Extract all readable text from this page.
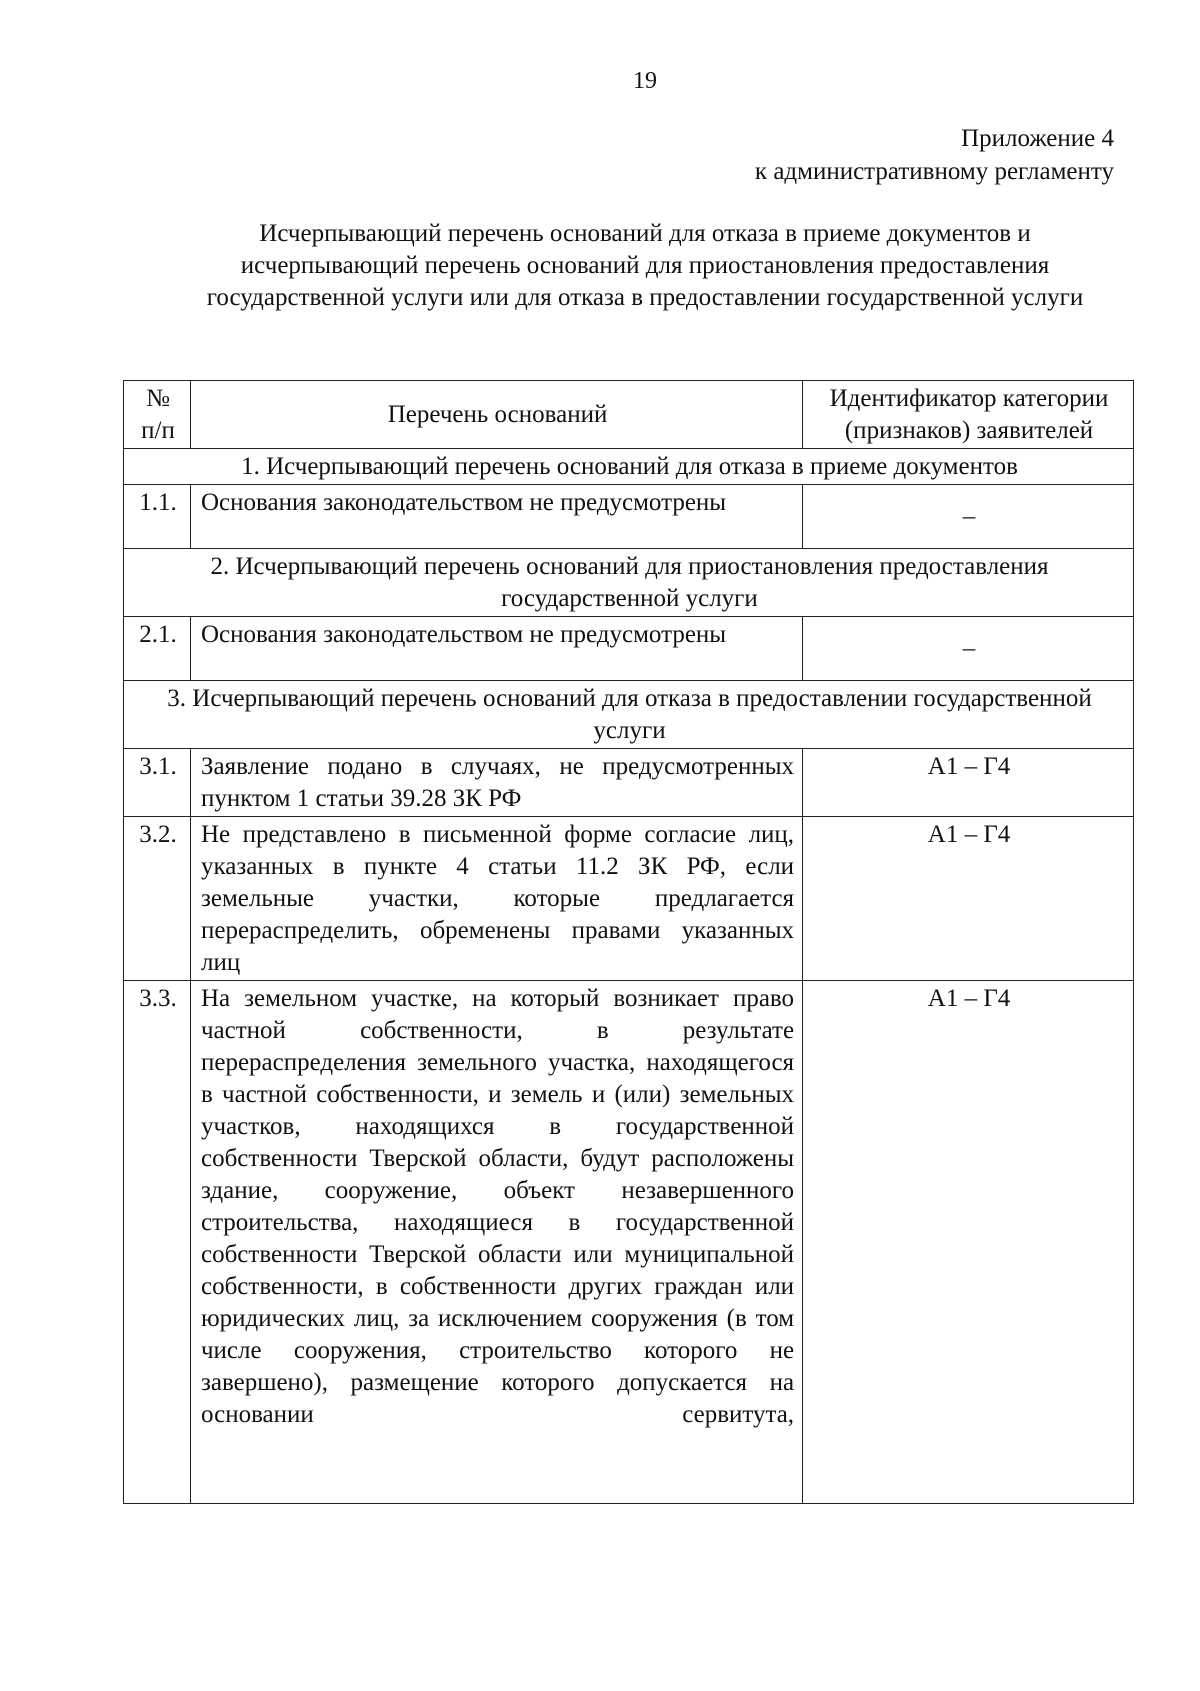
19
Приложение 4
к административному регламенту
Исчерпывающий перечень оснований для отказа в приеме документов и исчерпывающий перечень оснований для приостановления предоставления государственной услуги или для отказа в предоставлении государственной услуги
№ п/п	Перечень оснований	Идентификатор категории (признаков) заявителей
1. Исчерпывающий перечень оснований для отказа в приеме документов		
1.1.	Основания законодательством не предусмотрены	–
2. Исчерпывающий перечень оснований для приостановления предоставления государственной услуги		
2.1.	Основания законодательством не предусмотрены	–
3. Исчерпывающий перечень оснований для отказа в предоставлении государственной услуги		
3.1.	Заявление подано в случаях, не предусмотренных пунктом 1 статьи 39.28 ЗК РФ	А1 – Г4
3.2.	Не представлено в письменной форме согласие лиц, указанных в пункте 4 статьи 11.2 ЗК РФ, если земельные участки, которые предлагается перераспределить, обременены правами указанных лиц	А1 – Г4
3.3.	На земельном участке, на который возникает право частной собственности, в результате перераспределения земельного участка, находящегося в частной собственности, и земель и (или) земельных участков, находящихся в государственной собственности Тверской области, будут расположены здание, сооружение, объект незавершенного строительства, находящиеся в государственной собственности Тверской области или муниципальной собственности, в собственности других граждан или юридических лиц, за исключением сооружения (в том числе сооружения, строительство которого не завершено), размещение которого допускается на основании сервитута,	А1 – Г4
